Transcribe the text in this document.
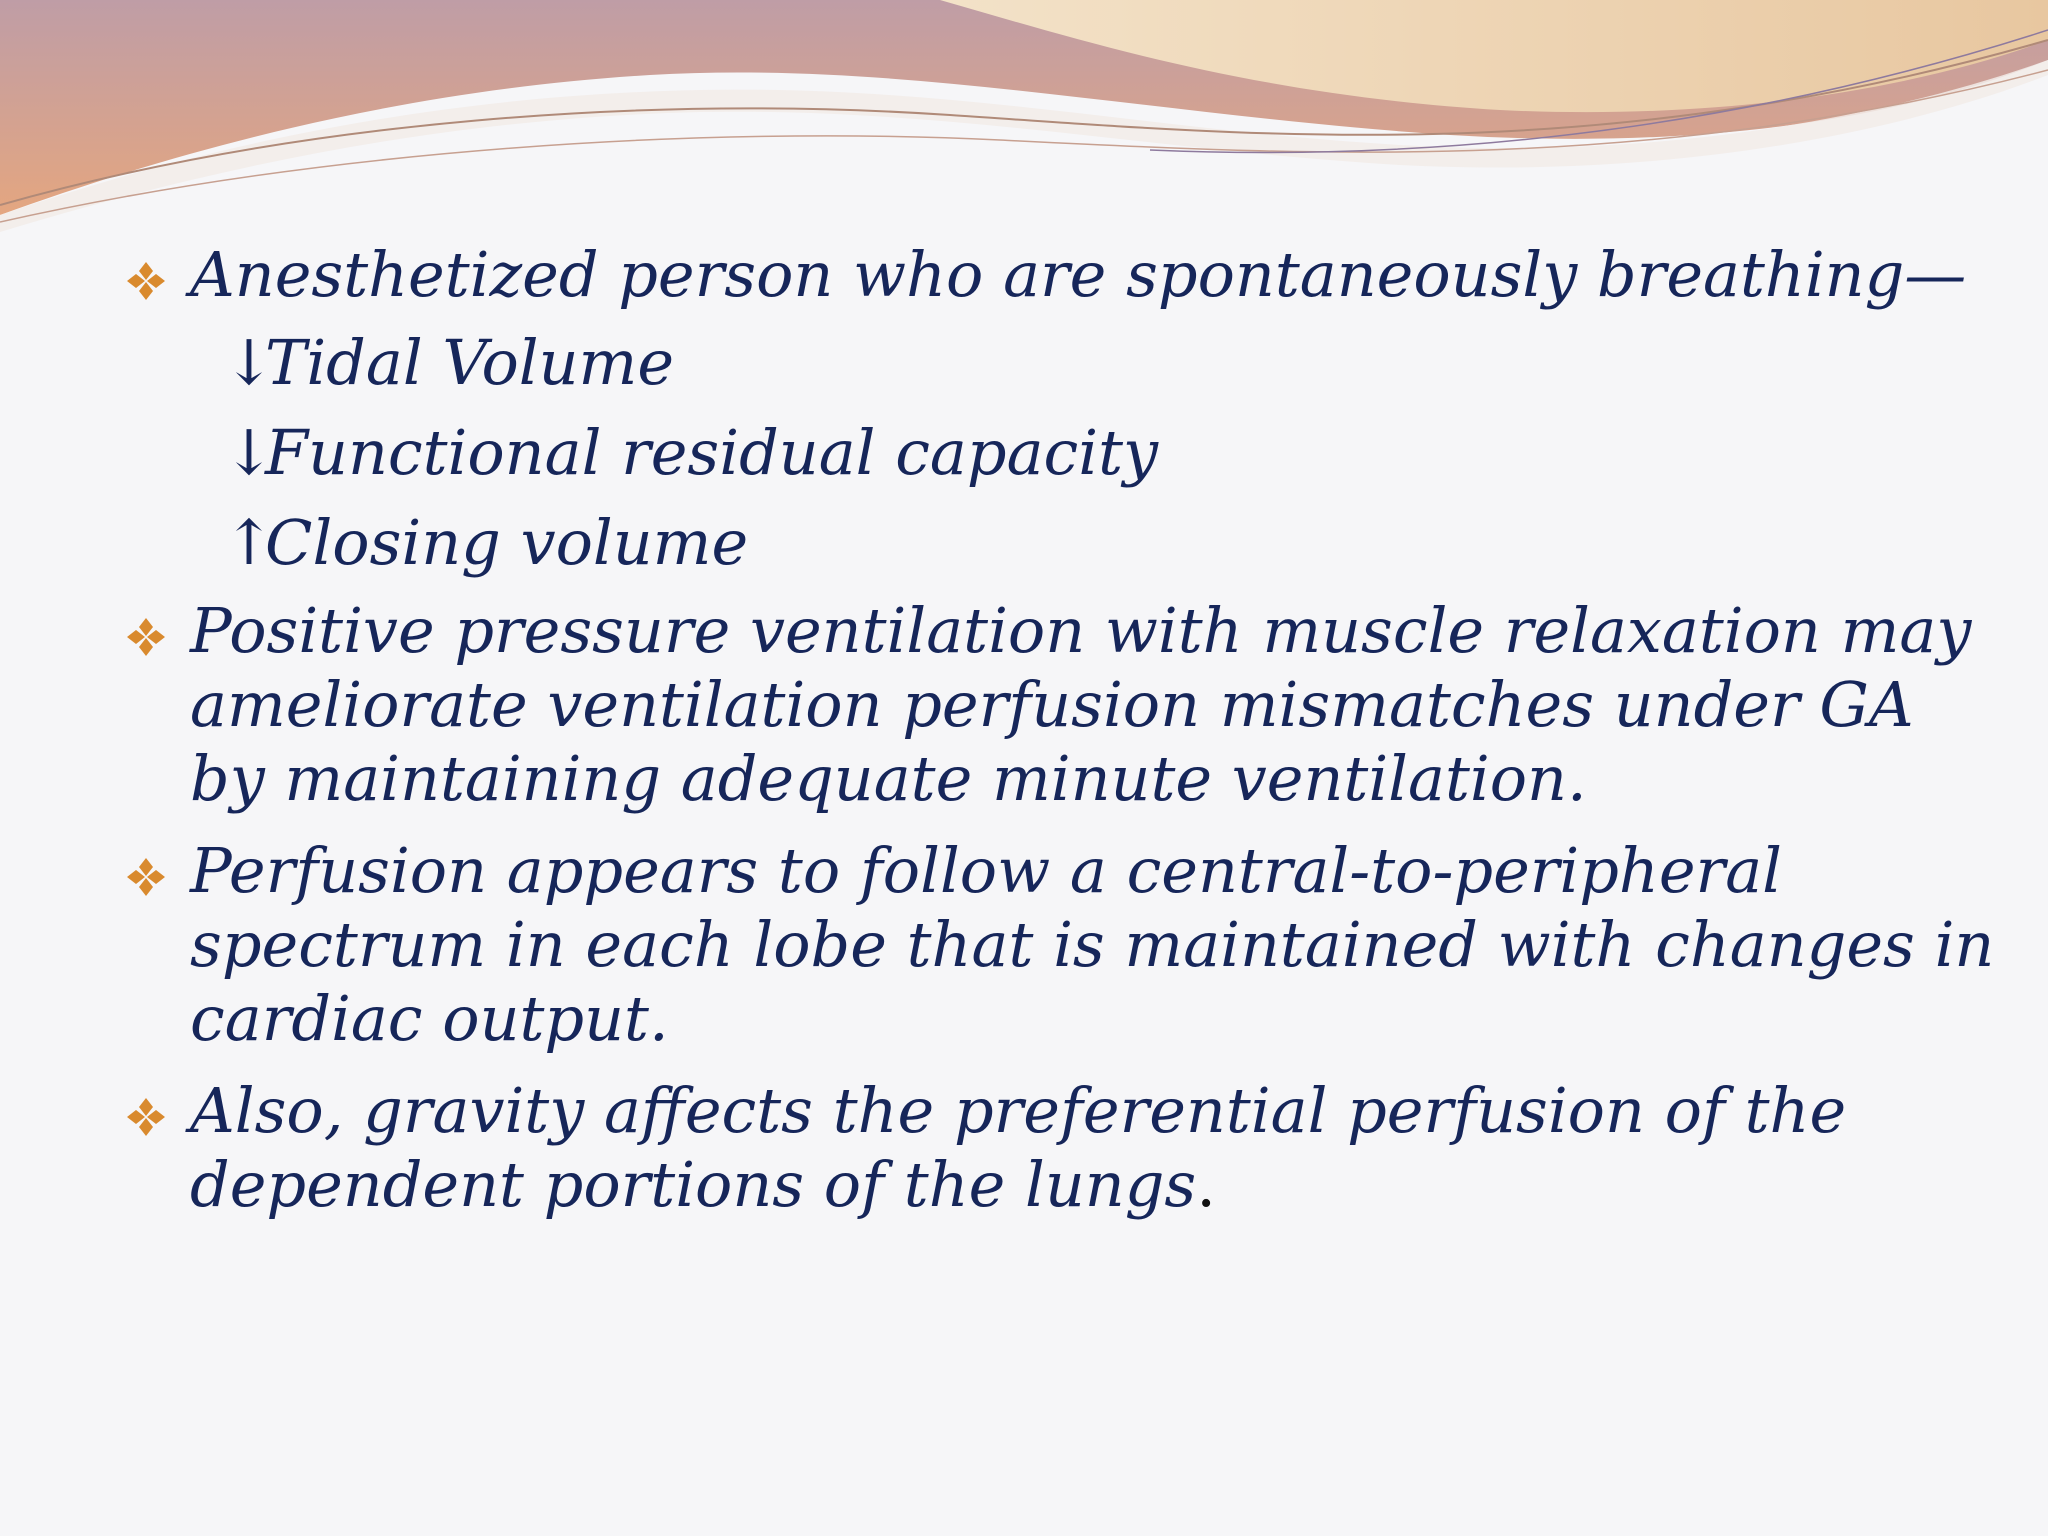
Anesthetized person who are spontaneously breathing—
↓Tidal Volume
↓Functional residual capacity
↑Closing volume
Positive pressure ventilation with muscle relaxation may ameliorate ventilation perfusion mismatches under GA by maintaining adequate minute ventilation.
Perfusion appears to follow a central-to-peripheral spectrum in each lobe that is maintained with changes in cardiac output.
Also, gravity affects the preferential perfusion of the dependent portions of the lungs.
